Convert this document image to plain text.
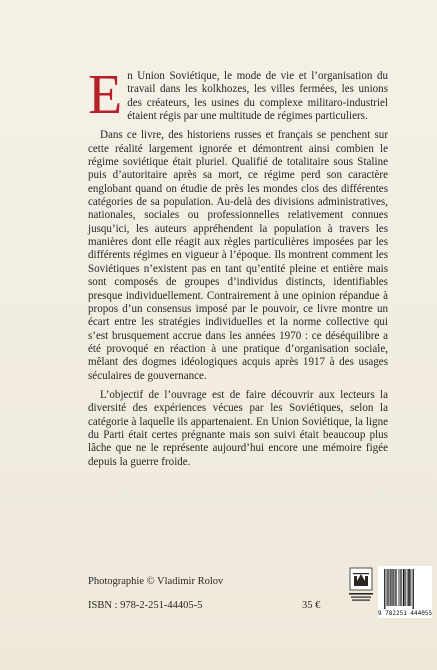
En Union Soviétique, le mode de vie et l’organisation du travail dans les kolkhozes, les villes fermées, les unions des créateurs, les usines du complexe militaro-industriel étaient régis par une multitude de régimes particuliers.

Dans ce livre, des historiens russes et français se penchent sur cette réalité largement ignorée et démontrent ainsi combien le régime soviétique était pluriel. Qualifié de totalitaire sous Staline puis d’autoritaire après sa mort, ce régime perd son caractère englobant quand on étudie de près les mondes clos des différentes catégories de sa population. Au-delà des divisions administratives, nationales, sociales ou professionnelles relativement connues jusqu’ici, les auteurs appréhendent la population à travers les manières dont elle réagit aux règles particulières imposées par les différents régimes en vigueur à l’époque. Ils montrent comment les Soviétiques n’existent pas en tant qu’entité pleine et entière mais sont composés de groupes d’individus distincts, identifiables presque individuellement. Contrairement à une opinion répandue à propos d’un consensus imposé par le pouvoir, ce livre montre un écart entre les stratégies individuelles et la norme collective qui s’est brusquement accrue dans les années 1970 : ce déséquilibre a été provoqué en réaction à une pratique d’organisation sociale, mêlant des dogmes idéologiques acquis après 1917 à des usages séculaires de gouvernance.

L’objectif de l’ouvrage est de faire découvrir aux lecteurs la diversité des expériences vécues par les Soviétiques, selon la catégorie à laquelle ils appartenaient. En Union Soviétique, la ligne du Parti était certes prégnante mais son suivi était beaucoup plus lâche que ne le représente aujourd’hui encore une mémoire figée depuis la guerre froide.

Photographie © Vladimir Rolov
ISBN : 978-2-251-44405-5	35 €
9 782251 444055
